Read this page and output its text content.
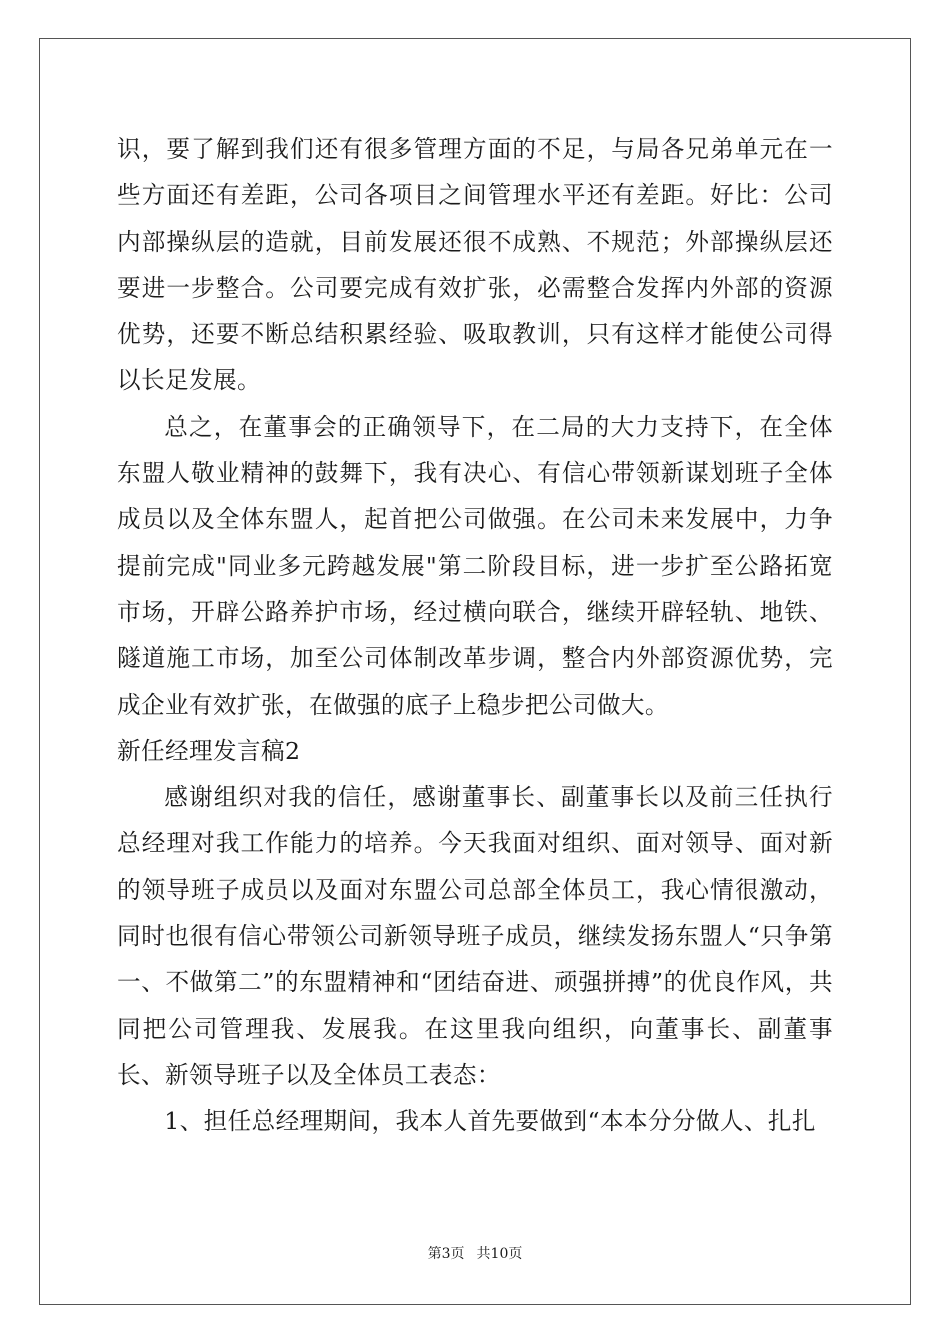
识，要了解到我们还有很多管理方面的不足，与局各兄弟单元在一些方面还有差距，公司各项目之间管理水平还有差距。好比：公司内部操纵层的造就，目前发展还很不成熟、不规范；外部操纵层还要进一步整合。公司要完成有效扩张，必需整合发挥内外部的资源优势，还要不断总结积累经验、吸取教训，只有这样才能使公司得以长足发展。

总之，在董事会的正确领导下，在二局的大力支持下，在全体东盟人敬业精神的鼓舞下，我有决心、有信心带领新谋划班子全体成员以及全体东盟人，起首把公司做强。在公司未来发展中，力争提前完成"同业多元跨越发展"第二阶段目标，进一步扩至公路拓宽市场，开辟公路养护市场，经过横向联合，继续开辟轻轨、地铁、隧道施工市场，加至公司体制改革步调，整合内外部资源优势，完成企业有效扩张，在做强的底子上稳步把公司做大。

新任经理发言稿2

感谢组织对我的信任，感谢董事长、副董事长以及前三任执行总经理对我工作能力的培养。今天我面对组织、面对领导、面对新的领导班子成员以及面对东盟公司总部全体员工，我心情很激动，同时也很有信心带领公司新领导班子成员，继续发扬东盟人“只争第一、不做第二”的东盟精神和“团结奋进、顽强拼搏”的优良作风，共同把公司管理我、发展我。在这里我向组织，向董事长、副董事长、新领导班子以及全体员工表态：

1、担任总经理期间，我本人首先要做到“本本分分做人、扎扎

第3页 共10页
